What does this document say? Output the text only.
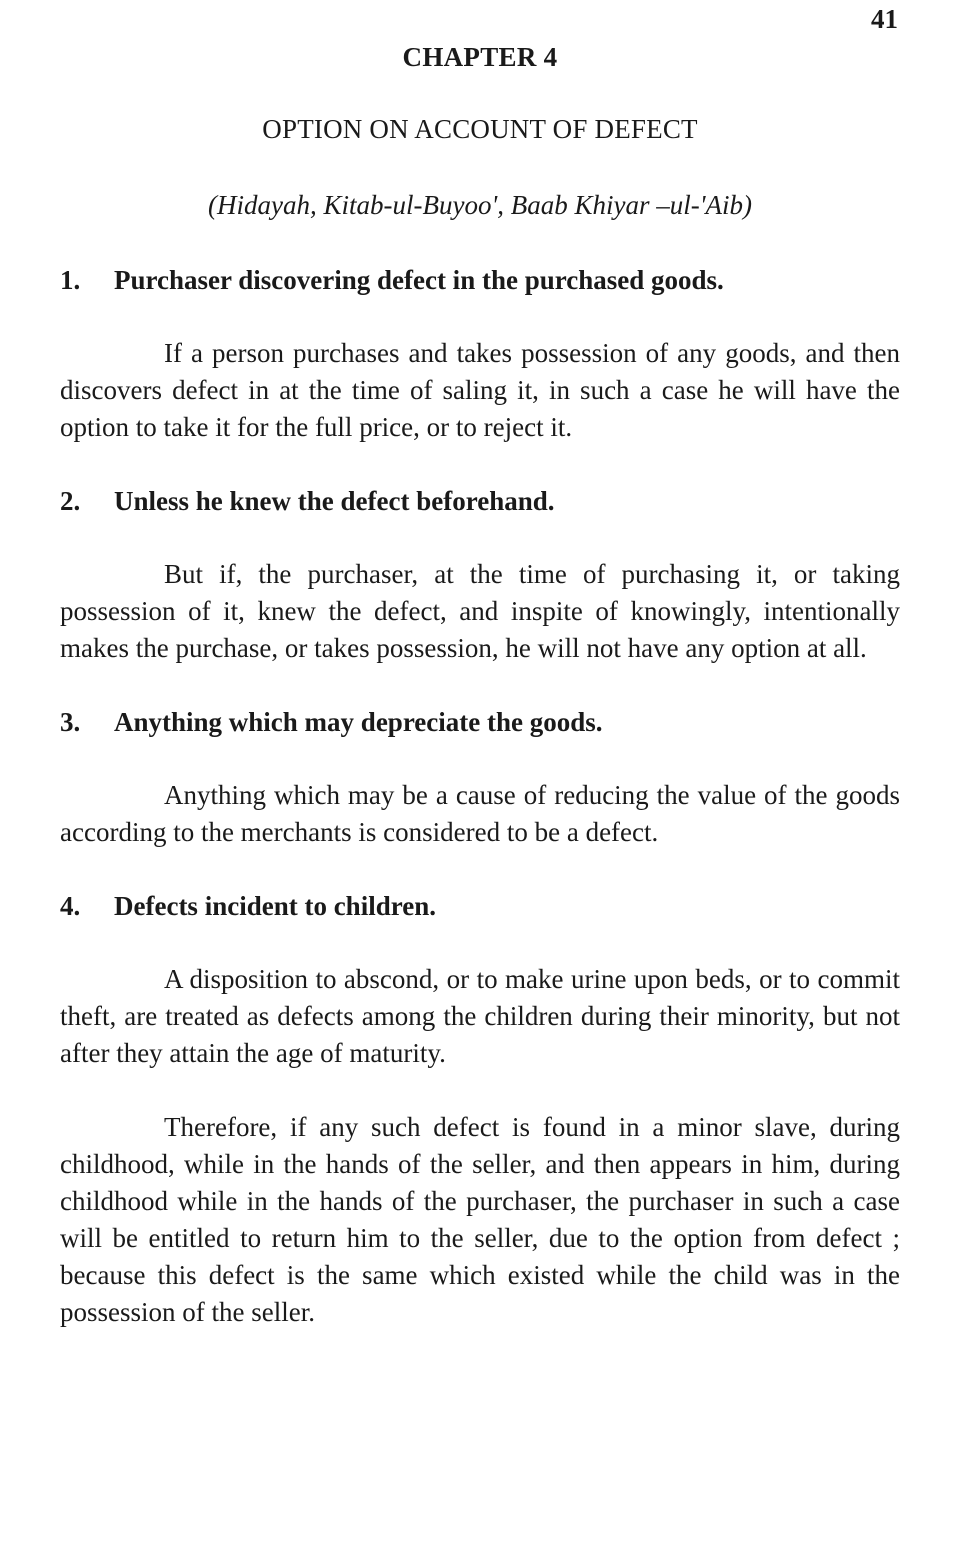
41
CHAPTER 4
OPTION ON ACCOUNT OF DEFECT
(Hidayah, Kitab-ul-Buyoo', Baab Khiyar –ul-'Aib)
1.	Purchaser discovering defect in the purchased goods.

If a person purchases and takes possession of any goods, and then discovers defect in at the time of saling it, in such a case he will have the option to take it for the full price, or to reject it.

2.	Unless he knew the defect beforehand.

But if, the purchaser, at the time of purchasing it, or taking possession of it, knew the defect, and inspite of knowingly, intentionally makes the purchase, or takes possession, he will not have any option at all.

3.	Anything which may depreciate the goods.

Anything which may be a cause of reducing the value of the goods according to the merchants is considered to be a defect.

4.	Defects incident to children.

A disposition to abscond, or to make urine upon beds, or to commit theft, are treated as defects among the children during their minority, but not after they attain the age of maturity.

Therefore, if any such defect is found in a minor slave, during childhood, while in the hands of the seller, and then appears in him, during childhood while in the hands of the purchaser, the purchaser in such a case will be entitled to return him to the seller, due to the option from defect ; because this defect is the same which existed while the child was in the possession of the seller.
